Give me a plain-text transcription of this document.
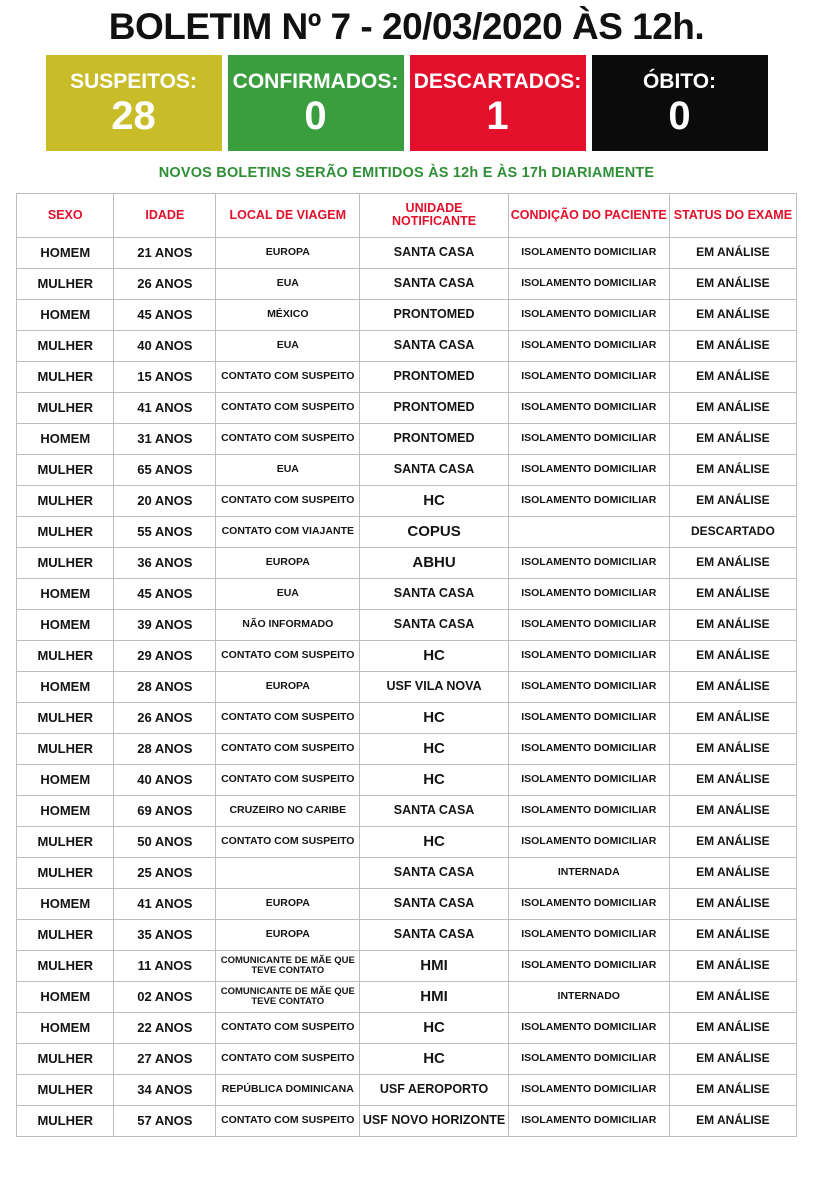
BOLETIM Nº 7 - 20/03/2020 ÀS 12h.
SUSPEITOS:
28
CONFIRMADOS:
0
DESCARTADOS:
1
ÓBITO:
0
NOVOS BOLETINS SERÃO EMITIDOS ÀS 12h E ÀS 17h DIARIAMENTE
SEXO	IDADE	LOCAL DE VIAGEM	UNIDADE NOTIFICANTE	CONDIÇÃO DO PACIENTE	STATUS DO EXAME
HOMEM	21 ANOS	EUROPA	SANTA CASA	ISOLAMENTO DOMICILIAR	EM ANÁLISE
MULHER	26 ANOS	EUA	SANTA CASA	ISOLAMENTO DOMICILIAR	EM ANÁLISE
HOMEM	45 ANOS	MÉXICO	PRONTOMED	ISOLAMENTO DOMICILIAR	EM ANÁLISE
MULHER	40 ANOS	EUA	SANTA CASA	ISOLAMENTO DOMICILIAR	EM ANÁLISE
MULHER	15 ANOS	CONTATO COM SUSPEITO	PRONTOMED	ISOLAMENTO DOMICILIAR	EM ANÁLISE
MULHER	41 ANOS	CONTATO COM SUSPEITO	PRONTOMED	ISOLAMENTO DOMICILIAR	EM ANÁLISE
HOMEM	31 ANOS	CONTATO COM SUSPEITO	PRONTOMED	ISOLAMENTO DOMICILIAR	EM ANÁLISE
MULHER	65 ANOS	EUA	SANTA CASA	ISOLAMENTO DOMICILIAR	EM ANÁLISE
MULHER	20 ANOS	CONTATO COM SUSPEITO	HC	ISOLAMENTO DOMICILIAR	EM ANÁLISE
MULHER	55 ANOS	CONTATO COM VIAJANTE	COPUS		DESCARTADO
MULHER	36 ANOS	EUROPA	ABHU	ISOLAMENTO DOMICILIAR	EM ANÁLISE
HOMEM	45 ANOS	EUA	SANTA CASA	ISOLAMENTO DOMICILIAR	EM ANÁLISE
HOMEM	39 ANOS	NÃO INFORMADO	SANTA CASA	ISOLAMENTO DOMICILIAR	EM ANÁLISE
MULHER	29 ANOS	CONTATO COM SUSPEITO	HC	ISOLAMENTO DOMICILIAR	EM ANÁLISE
HOMEM	28 ANOS	EUROPA	USF VILA NOVA	ISOLAMENTO DOMICILIAR	EM ANÁLISE
MULHER	26 ANOS	CONTATO COM SUSPEITO	HC	ISOLAMENTO DOMICILIAR	EM ANÁLISE
MULHER	28 ANOS	CONTATO COM SUSPEITO	HC	ISOLAMENTO DOMICILIAR	EM ANÁLISE
HOMEM	40 ANOS	CONTATO COM SUSPEITO	HC	ISOLAMENTO DOMICILIAR	EM ANÁLISE
HOMEM	69 ANOS	CRUZEIRO NO CARIBE	SANTA CASA	ISOLAMENTO DOMICILIAR	EM ANÁLISE
MULHER	50 ANOS	CONTATO COM SUSPEITO	HC	ISOLAMENTO DOMICILIAR	EM ANÁLISE
MULHER	25 ANOS		SANTA CASA	INTERNADA	EM ANÁLISE
HOMEM	41 ANOS	EUROPA	SANTA CASA	ISOLAMENTO DOMICILIAR	EM ANÁLISE
MULHER	35 ANOS	EUROPA	SANTA CASA	ISOLAMENTO DOMICILIAR	EM ANÁLISE
MULHER	11 ANOS	COMUNICANTE DE MÃE QUE TEVE CONTATO	HMI	ISOLAMENTO DOMICILIAR	EM ANÁLISE
HOMEM	02 ANOS	COMUNICANTE DE MÃE QUE TEVE CONTATO	HMI	INTERNADO	EM ANÁLISE
HOMEM	22 ANOS	CONTATO COM SUSPEITO	HC	ISOLAMENTO DOMICILIAR	EM ANÁLISE
MULHER	27 ANOS	CONTATO COM SUSPEITO	HC	ISOLAMENTO DOMICILIAR	EM ANÁLISE
MULHER	34 ANOS	REPÚBLICA DOMINICANA	USF AEROPORTO	ISOLAMENTO DOMICILIAR	EM ANÁLISE
MULHER	57 ANOS	CONTATO COM SUSPEITO	USF NOVO HORIZONTE	ISOLAMENTO DOMICILIAR	EM ANÁLISE
